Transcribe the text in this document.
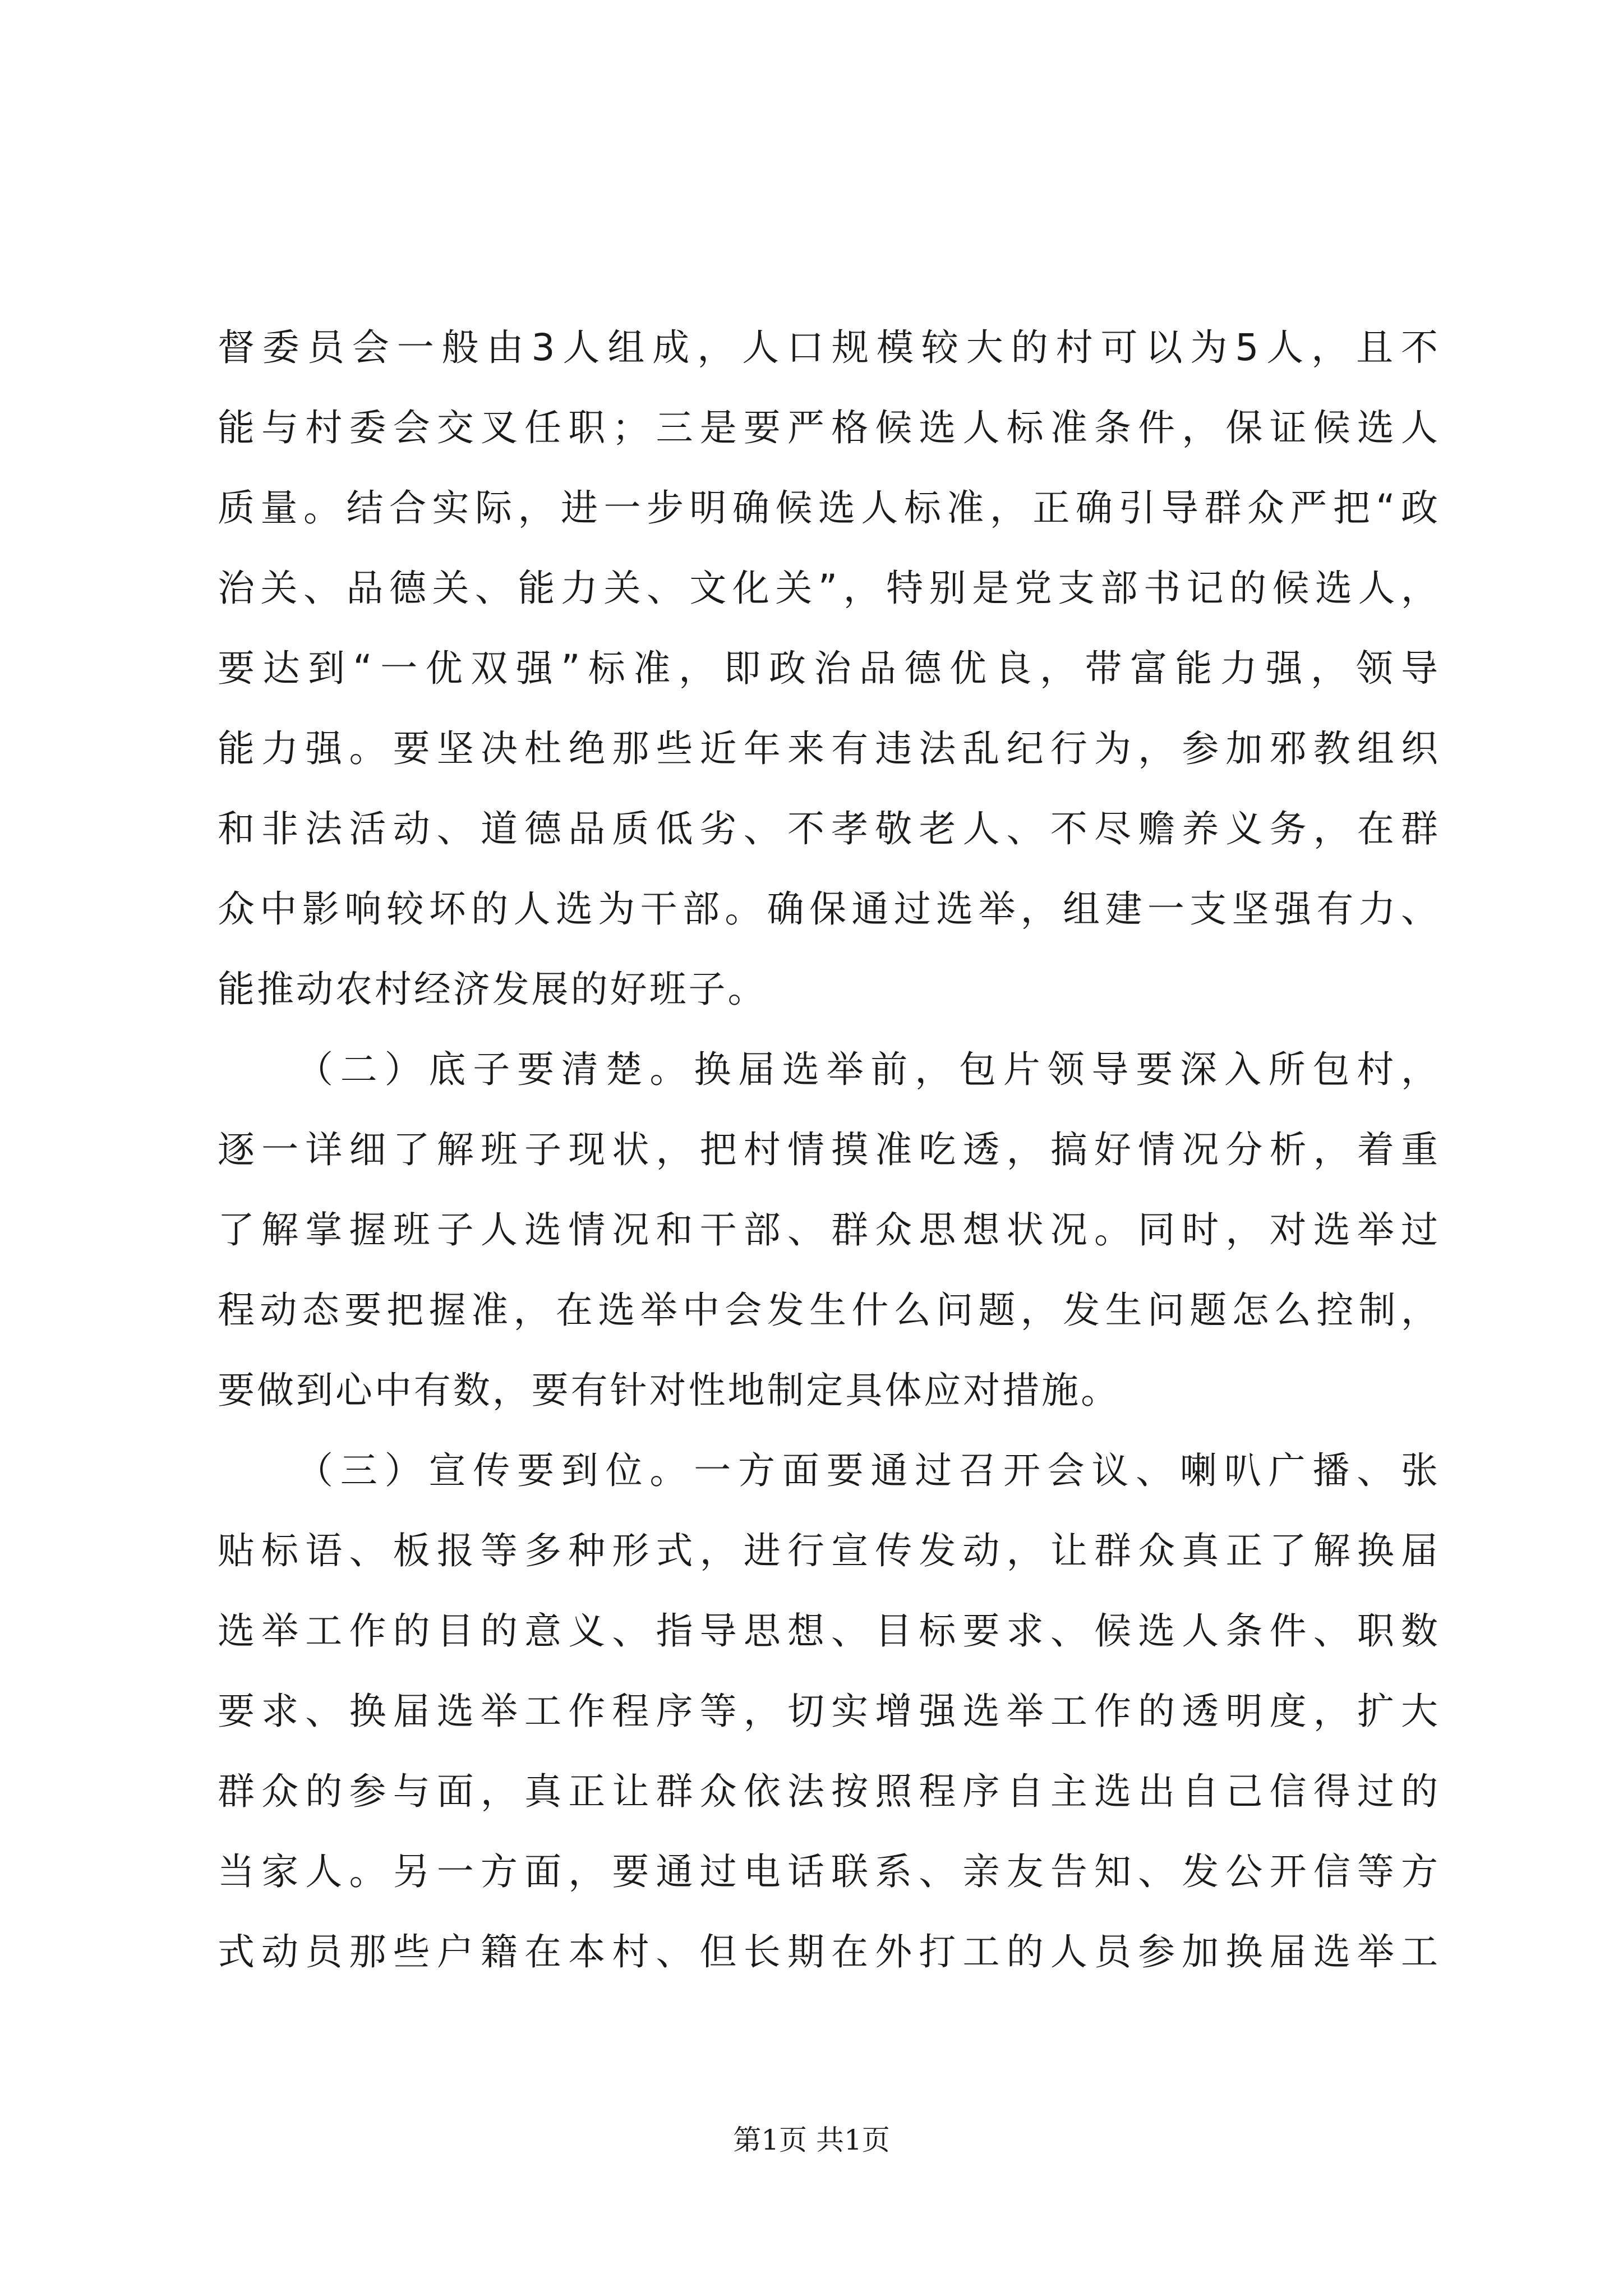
督委员会一般由3人组成，人口规模较大的村可以为5人，且不
能与村委会交叉任职；三是要严格候选人标准条件，保证候选人
质量。结合实际，进一步明确候选人标准，正确引导群众严把“政
治关、品德关、能力关、文化关”，特别是党支部书记的候选人，
要达到“一优双强”标准，即政治品德优良，带富能力强，领导
能力强。要坚决杜绝那些近年来有违法乱纪行为，参加邪教组织
和非法活动、道德品质低劣、不孝敬老人、不尽赡养义务，在群
众中影响较坏的人选为干部。确保通过选举，组建一支坚强有力、
能推动农村经济发展的好班子。
（二）底子要清楚。换届选举前，包片领导要深入所包村，
逐一详细了解班子现状，把村情摸准吃透，搞好情况分析，着重
了解掌握班子人选情况和干部、群众思想状况。同时，对选举过
程动态要把握准，在选举中会发生什么问题，发生问题怎么控制，
要做到心中有数，要有针对性地制定具体应对措施。
（三）宣传要到位。一方面要通过召开会议、喇叭广播、张
贴标语、板报等多种形式，进行宣传发动，让群众真正了解换届
选举工作的目的意义、指导思想、目标要求、候选人条件、职数
要求、换届选举工作程序等，切实增强选举工作的透明度，扩大
群众的参与面，真正让群众依法按照程序自主选出自己信得过的
当家人。另一方面，要通过电话联系、亲友告知、发公开信等方
式动员那些户籍在本村、但长期在外打工的人员参加换届选举工
第1页 共1页
